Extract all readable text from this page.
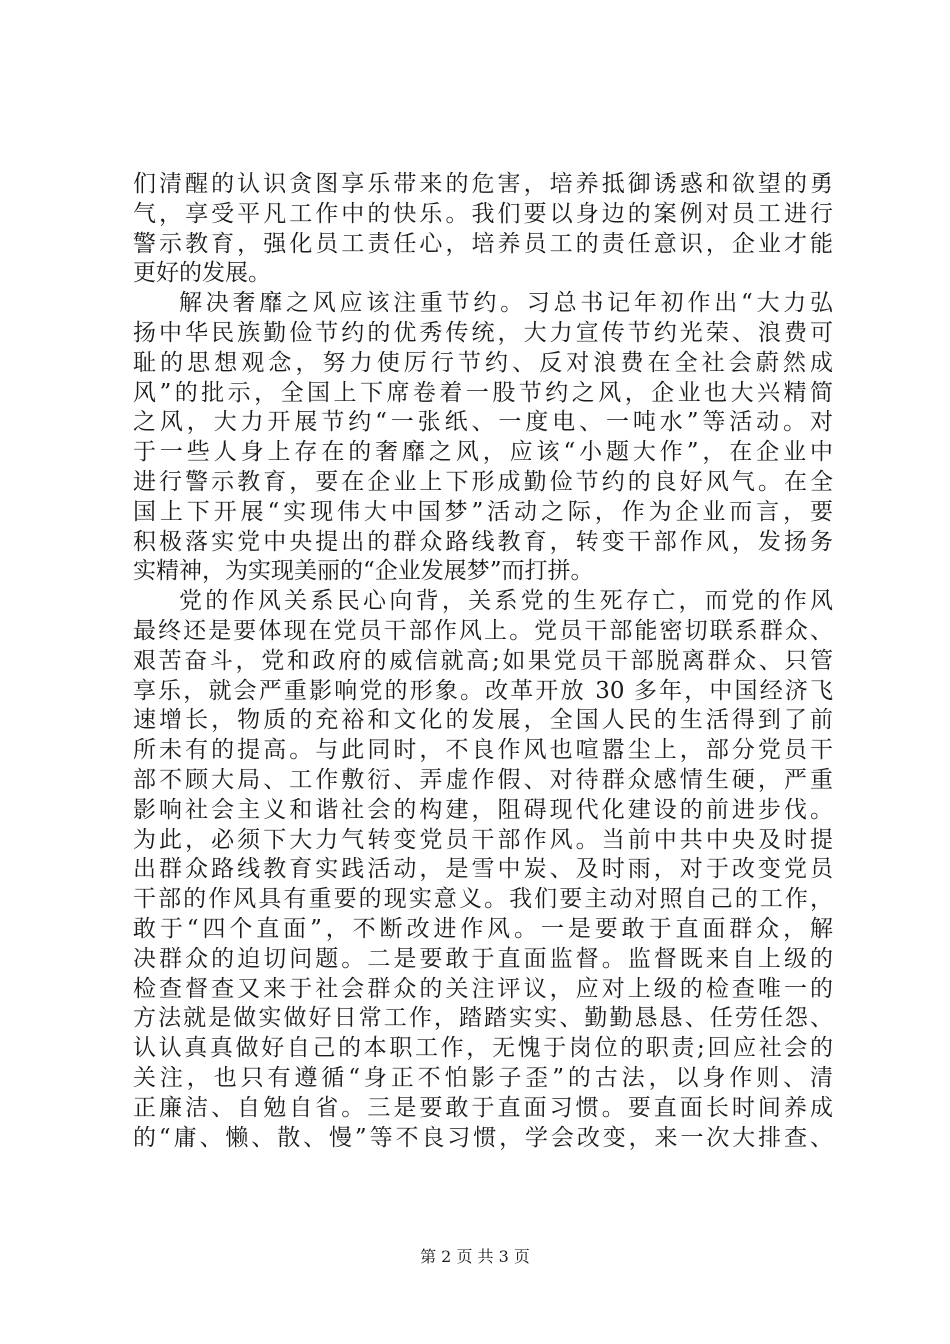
们清醒的认识贪图享乐带来的危害，培养抵御诱惑和欲望的勇
气，享受平凡工作中的快乐。我们要以身边的案例对员工进行
警示教育，强化员工责任心，培养员工的责任意识，企业才能
更好的发展。
解决奢靡之风应该注重节约。习总书记年初作出“大力弘
扬中华民族勤俭节约的优秀传统，大力宣传节约光荣、浪费可
耻的思想观念，努力使厉行节约、反对浪费在全社会蔚然成
风”的批示，全国上下席卷着一股节约之风，企业也大兴精简
之风，大力开展节约“一张纸、一度电、一吨水”等活动。对
于一些人身上存在的奢靡之风，应该“小题大作”，在企业中
进行警示教育，要在企业上下形成勤俭节约的良好风气。在全
国上下开展“实现伟大中国梦”活动之际，作为企业而言，要
积极落实党中央提出的群众路线教育，转变干部作风，发扬务
实精神，为实现美丽的“企业发展梦”而打拼。
党的作风关系民心向背，关系党的生死存亡，而党的作风
最终还是要体现在党员干部作风上。党员干部能密切联系群众、
艰苦奋斗，党和政府的威信就高;如果党员干部脱离群众、只管
享乐，就会严重影响党的形象。改革开放 30 多年，中国经济飞
速增长，物质的充裕和文化的发展，全国人民的生活得到了前
所未有的提高。与此同时，不良作风也喧嚣尘上，部分党员干
部不顾大局、工作敷衍、弄虚作假、对待群众感情生硬，严重
影响社会主义和谐社会的构建，阻碍现代化建设的前进步伐。
为此，必须下大力气转变党员干部作风。当前中共中央及时提
出群众路线教育实践活动，是雪中炭、及时雨，对于改变党员
干部的作风具有重要的现实意义。我们要主动对照自己的工作，
敢于“四个直面”，不断改进作风。一是要敢于直面群众，解
决群众的迫切问题。二是要敢于直面监督。监督既来自上级的
检查督查又来于社会群众的关注评议，应对上级的检查唯一的
方法就是做实做好日常工作，踏踏实实、勤勤恳恳、任劳任怨、
认认真真做好自己的本职工作，无愧于岗位的职责;回应社会的
关注，也只有遵循“身正不怕影子歪”的古法，以身作则、清
正廉洁、自勉自省。三是要敢于直面习惯。要直面长时间养成
的“庸、懒、散、慢”等不良习惯，学会改变，来一次大排查、
第 2 页 共 3 页
